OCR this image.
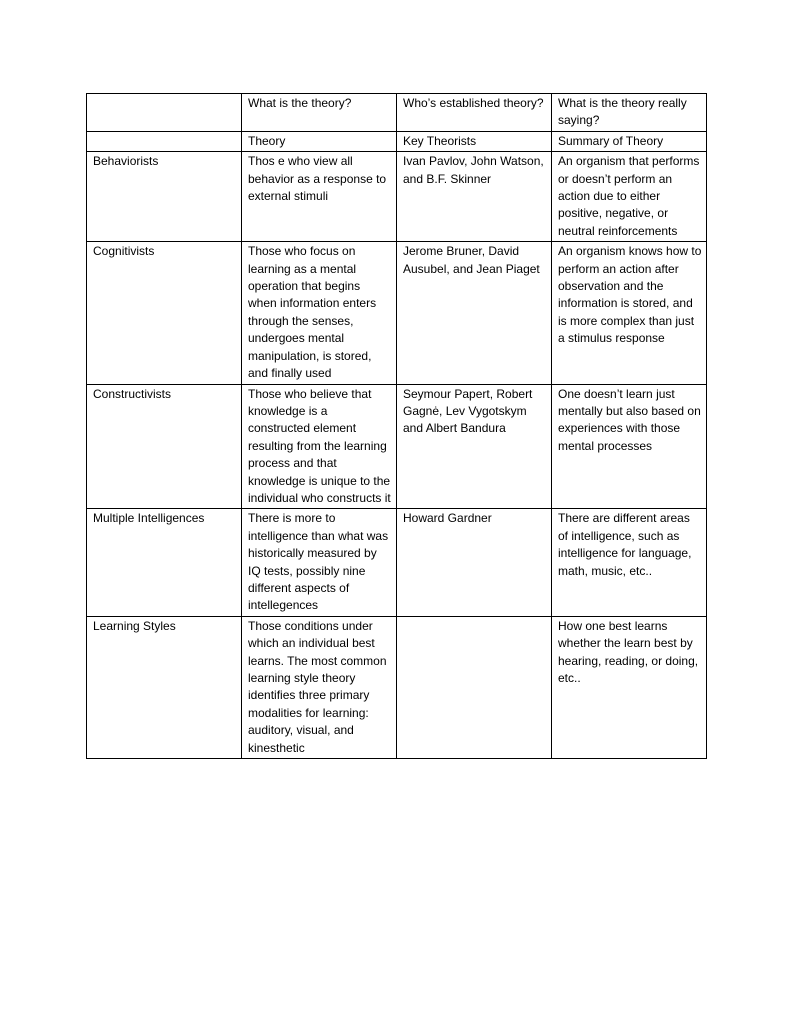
	What is the theory?	Who’s established theory?	What is the theory really saying?
	Theory	Key Theorists	Summary of Theory
Behaviorists	Thos e who view all behavior as a response to external stimuli	Ivan Pavlov, John Watson, and B.F. Skinner	An organism that performs or doesn’t perform an action due to either positive, negative, or neutral reinforcements
Cognitivists	Those who focus on learning as a mental operation that begins when information enters through the senses, undergoes mental manipulation, is stored, and finally used	Jerome Bruner, David Ausubel, and Jean Piaget	An organism knows how to perform an action after observation and the information is stored, and is more complex than just a stimulus response
Constructivists	Those who believe that knowledge is a constructed element resulting from the learning process and that knowledge is unique to the individual who constructs it	Seymour Papert, Robert Gagnė, Lev Vygotskym and Albert Bandura	One doesn’t learn just mentally but also based on experiences with those mental processes
Multiple Intelligences	There is more to intelligence than what was historically measured by IQ tests, possibly nine different aspects of intellegences	Howard Gardner	There are different areas of intelligence, such as intelligence for language, math, music, etc..
Learning Styles	Those conditions under which an individual best learns. The most common learning style theory identifies three primary modalities for learning: auditory, visual, and kinesthetic		How one best learns whether the learn best by hearing, reading, or doing, etc..
